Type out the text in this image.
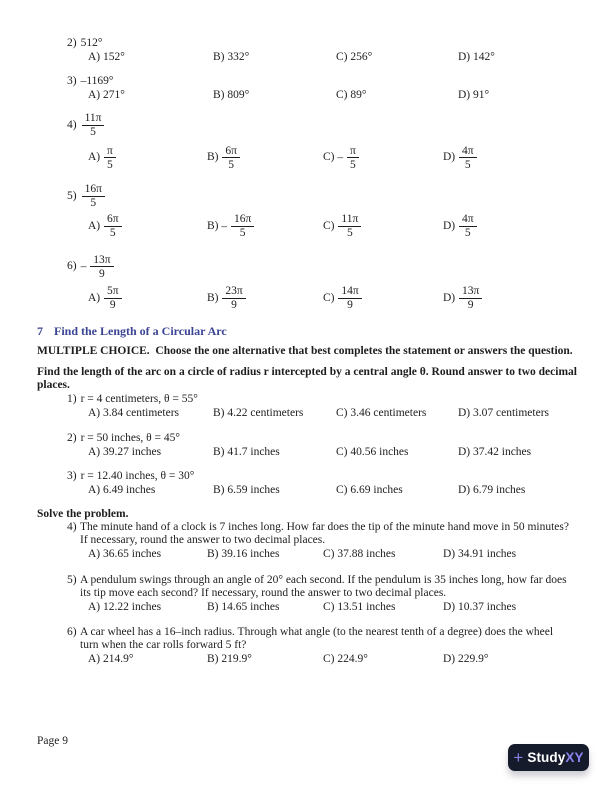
2) 512°
A) 152°	B) 332°	C) 256°	D) 142°
3) –1169°
A) 271°	B) 809°	C) 89°	D) 91°
$4) \frac{11\pi}{5}$
$A) \frac{\pi}{5}$	$B) \frac{6\pi}{5}$	$C) - \frac{\pi}{5}$	$D) \frac{4\pi}{5}$
$5) \frac{16\pi}{5}$
$A) \frac{6\pi}{5}$	$B) - \frac{16\pi}{5}$	$C) \frac{11\pi}{5}$	$D) \frac{4\pi}{5}$
$6) - \frac{13\pi}{9}$
$A) \frac{5\pi}{9}$	$B) \frac{23\pi}{9}$	$C) \frac{14\pi}{9}$	$D) \frac{13\pi}{9}$
7 Find the Length of a Circular Arc
MULTIPLE CHOICE.  Choose the one alternative that best completes the statement or answers the question.
Find the length of the arc on a circle of radius r intercepted by a central angle θ. Round answer to two decimal
places.
1) r = 4 centimeters, θ = 55°
A) 3.84 centimeters	B) 4.22 centimeters	C) 3.46 centimeters	D) 3.07 centimeters
2) r = 50 inches, θ = 45°
A) 39.27 inches	B) 41.7 inches	C) 40.56 inches	D) 37.42 inches
3) r = 12.40 inches, θ = 30°
A) 6.49 inches	B) 6.59 inches	C) 6.69 inches	D) 6.79 inches
Solve the problem.
4) The minute hand of a clock is 7 inches long. How far does the tip of the minute hand move in 50 minutes?
If necessary, round the answer to two decimal places.
A) 36.65 inches	B) 39.16 inches	C) 37.88 inches	D) 34.91 inches
5) A pendulum swings through an angle of 20° each second. If the pendulum is 35 inches long, how far does
its tip move each second? If necessary, round the answer to two decimal places.
A) 12.22 inches	B) 14.65 inches	C) 13.51 inches	D) 10.37 inches
6) A car wheel has a 16–inch radius. Through what angle (to the nearest tenth of a degree) does the wheel
turn when the car rolls forward 5 ft?
A) 214.9°	B) 219.9°	C) 224.9°	D) 229.9°
Page 9
+ StudyXY
